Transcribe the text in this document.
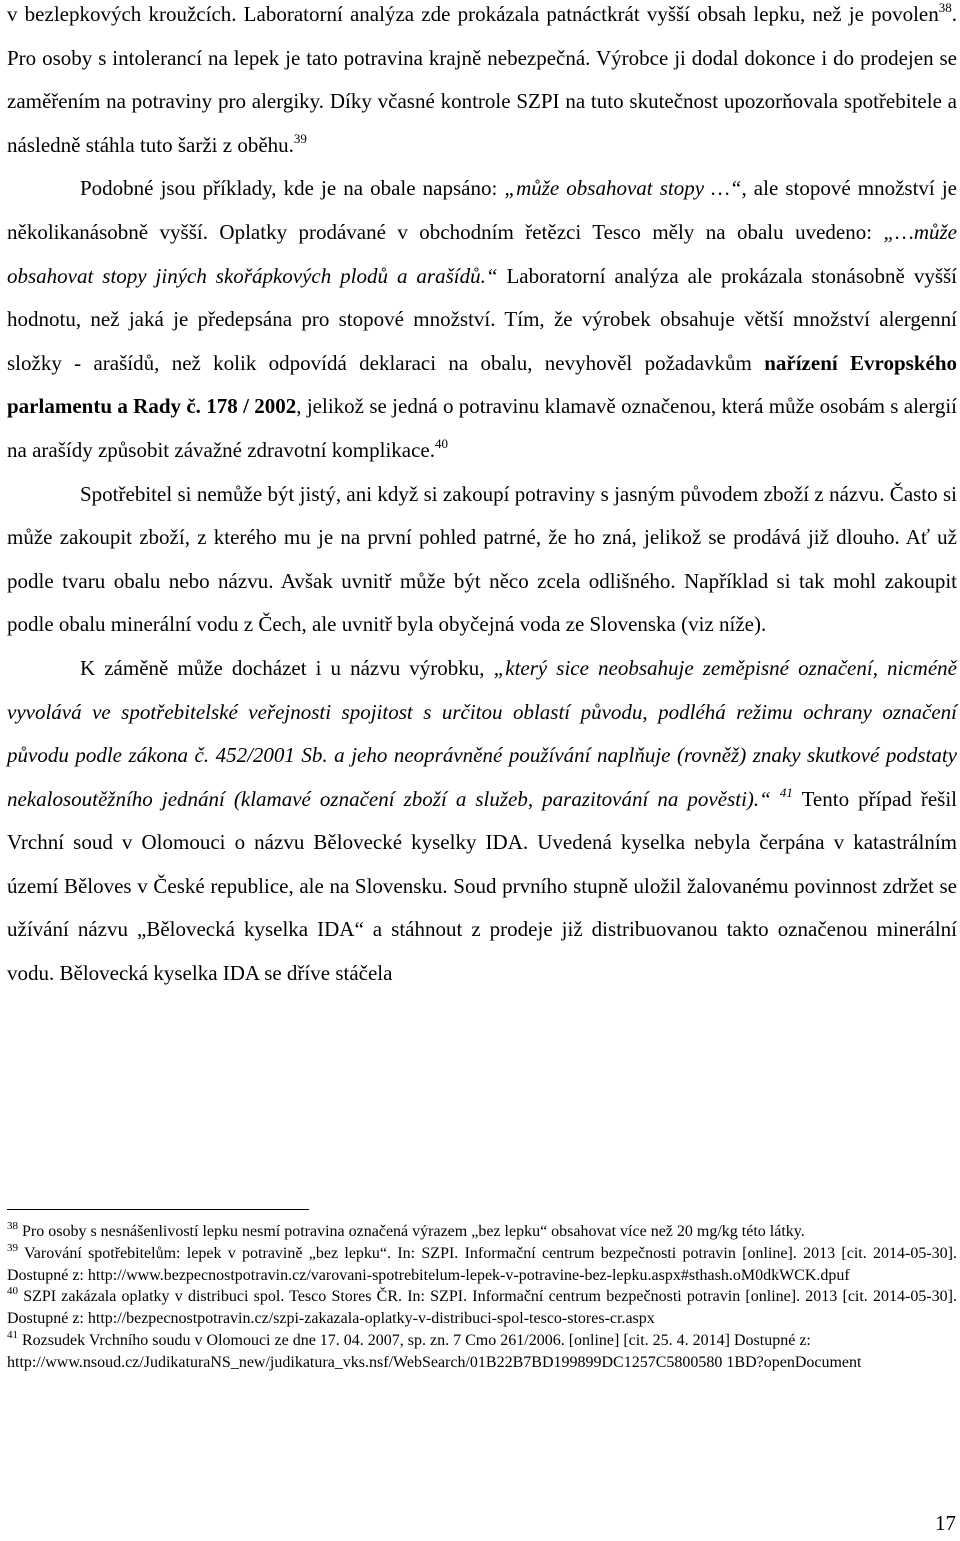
v bezlepkových kroužcích. Laboratorní analýza zde prokázala patnáctkrát vyšší obsah lepku, než je povolen$^{38}$. Pro osoby s intolerancí na lepek je tato potravina krajně nebezpečná. Výrobce ji dodal dokonce i do prodejen se zaměřením na potraviny pro alergiky. Díky včasné kontrole SZPI na tuto skutečnost upozorňovala spotřebitele a následně stáhla tuto šarži z oběhu.$^{39}$

Podobné jsou příklady, kde je na obale napsáno: „může obsahovat stopy …“, ale stopové množství je několikanásobně vyšší. Oplatky prodávané v obchodním řetězci Tesco měly na obalu uvedeno: „…může obsahovat stopy jiných skořápkových plodů a arašídů.“ Laboratorní analýza ale prokázala stonásobně vyšší hodnotu, než jaká je předepsána pro stopové množství. Tím, že výrobek obsahuje větší množství alergenní složky - arašídů, než kolik odpovídá deklaraci na obalu, nevyhověl požadavkům nařízení Evropského parlamentu a Rady č. 178 / 2002, jelikož se jedná o potravinu klamavě označenou, která může osobám s alergií na arašídy způsobit závažné zdravotní komplikace.$^{40}$

Spotřebitel si nemůže být jistý, ani když si zakoupí potraviny s jasným původem zboží z názvu. Často si může zakoupit zboží, z kterého mu je na první pohled patrné, že ho zná, jelikož se prodává již dlouho. Ať už podle tvaru obalu nebo názvu. Avšak uvnitř může být něco zcela odlišného. Například si tak mohl zakoupit podle obalu minerální vodu z Čech, ale uvnitř byla obyčejná voda ze Slovenska (viz níže).

K záměně může docházet i u názvu výrobku, „který sice neobsahuje zeměpisné označení, nicméně vyvolává ve spotřebitelské veřejnosti spojitost s určitou oblastí původu, podléhá režimu ochrany označení původu podle zákona č. 452/2001 Sb. a jeho neoprávněné používání naplňuje (rovněž) znaky skutkové podstaty nekalosoutěžního jednání (klamavé označení zboží a služeb, parazitování na pověsti).“ $^{41}$ Tento případ řešil Vrchní soud v Olomouci o názvu Bělovecké kyselky IDA. Uvedená kyselka nebyla čerpána v katastrálním území Běloves v České republice, ale na Slovensku. Soud prvního stupně uložil žalovanému povinnost zdržet se užívání názvu „Bělovecká kyselka IDA“ a stáhnout z prodeje již distribuovanou takto označenou minerální vodu. Bělovecká kyselka IDA se dříve stáčela

$^{38}$ Pro osoby s nesnášenlivostí lepku nesmí potravina označená výrazem „bez lepku“ obsahovat více než 20 mg/kg této látky.

$^{39}$ Varování spotřebitelům: lepek v potravině „bez lepku“. In: SZPI. Informační centrum bezpečnosti potravin [online]. 2013 [cit. 2014-05-30]. Dostupné z: http://www.bezpecnostpotravin.cz/varovani-spotrebitelum-lepek-v-potravine-bez-lepku.aspx#sthash.oM0dkWCK.dpuf

$^{40}$ SZPI zakázala oplatky v distribuci spol. Tesco Stores ČR. In: SZPI. Informační centrum bezpečnosti potravin [online]. 2013 [cit. 2014-05-30]. Dostupné z: http://bezpecnostpotravin.cz/szpi-zakazala-oplatky-v-distribuci-spol-tesco-stores-cr.aspx

$^{41}$ Rozsudek Vrchního soudu v Olomouci ze dne 17. 04. 2007, sp. zn. 7 Cmo 261/2006. [online] [cit. 25. 4. 2014] Dostupné z:

http://www.nsoud.cz/JudikaturaNS_new/judikatura_vks.nsf/WebSearch/01B22B7BD199899DC1257C5800580 1BD?openDocument

17
